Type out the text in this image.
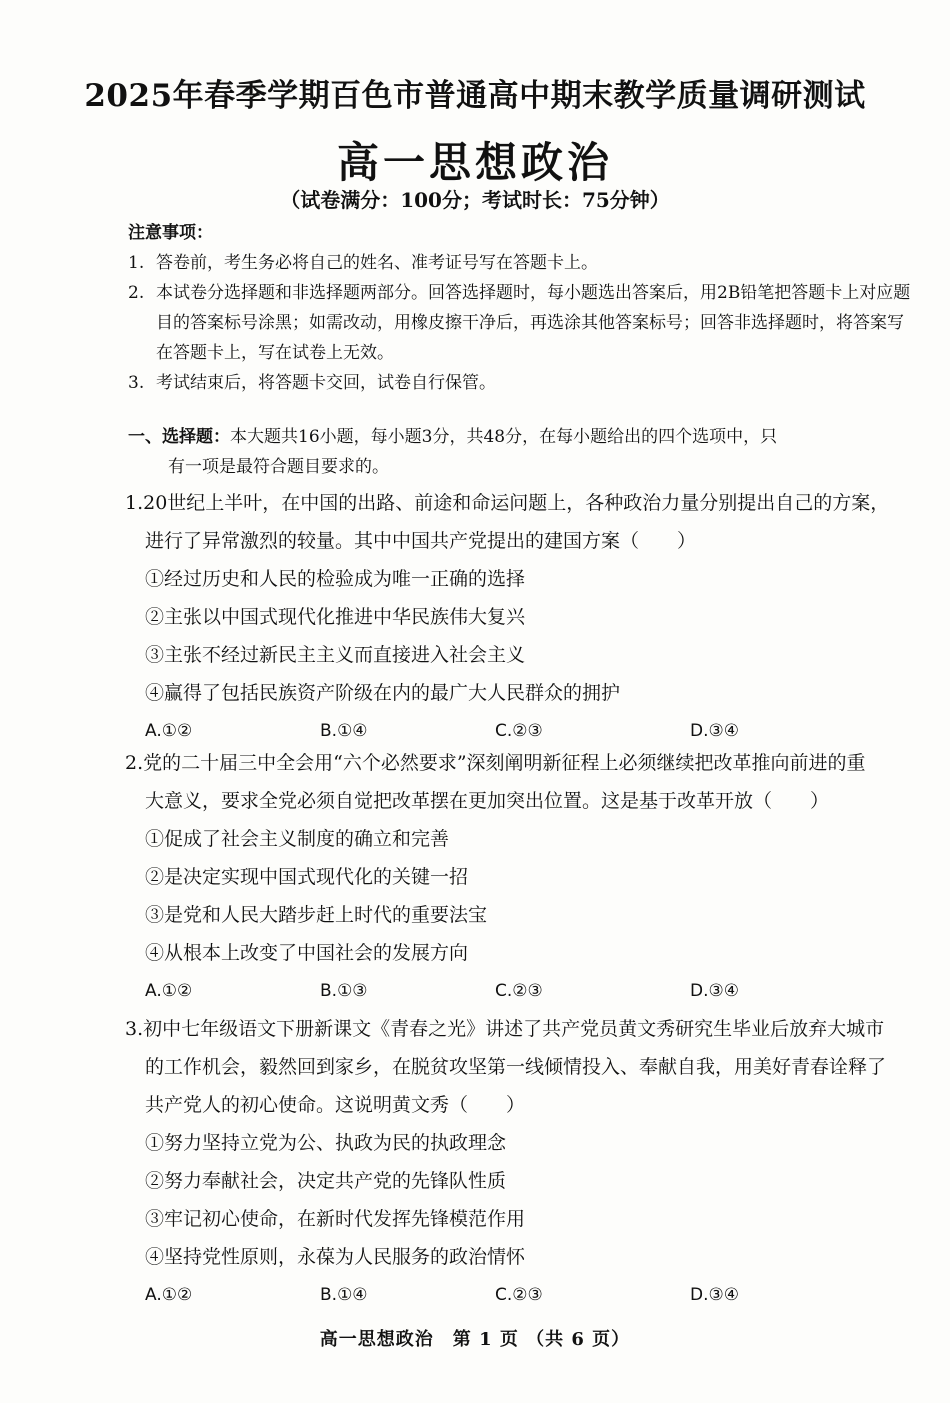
2025年春季学期百色市普通高中期末教学质量调研测试
高一思想政治
（试卷满分：100分；考试时长：75分钟）
注意事项：
1. 答卷前，考生务必将自己的姓名、准考证号写在答题卡上。
2. 本试卷分选择题和非选择题两部分。回答选择题时，每小题选出答案后，用2B铅笔把答题卡上对应题目的答案标号涂黑；如需改动，用橡皮擦干净后，再选涂其他答案标号；回答非选择题时，将答案写在答题卡上，写在试卷上无效。
3. 考试结束后，将答题卡交回，试卷自行保管。
一、选择题：本大题共16小题，每小题3分，共48分，在每小题给出的四个选项中，只
有一项是最符合题目要求的。
1.20世纪上半叶，在中国的出路、前途和命运问题上，各种政治力量分别提出自己的方案，
进行了异常激烈的较量。其中中国共产党提出的建国方案（　　）
①经过历史和人民的检验成为唯一正确的选择
②主张以中国式现代化推进中华民族伟大复兴
③主张不经过新民主主义而直接进入社会主义
④赢得了包括民族资产阶级在内的最广大人民群众的拥护
A.①②	B.①④	C.②③	D.③④
2.党的二十届三中全会用“六个必然要求”深刻阐明新征程上必须继续把改革推向前进的重
大意义，要求全党必须自觉把改革摆在更加突出位置。这是基于改革开放（　　）
①促成了社会主义制度的确立和完善
②是决定实现中国式现代化的关键一招
③是党和人民大踏步赶上时代的重要法宝
④从根本上改变了中国社会的发展方向
A.①②	B.①③	C.②③	D.③④
3.初中七年级语文下册新课文《青春之光》讲述了共产党员黄文秀研究生毕业后放弃大城市
的工作机会，毅然回到家乡，在脱贫攻坚第一线倾情投入、奉献自我，用美好青春诠释了
共产党人的初心使命。这说明黄文秀（　　）
①努力坚持立党为公、执政为民的执政理念
②努力奉献社会，决定共产党的先锋队性质
③牢记初心使命，在新时代发挥先锋模范作用
④坚持党性原则，永葆为人民服务的政治情怀
A.①②	B.①④	C.②③	D.③④
高一思想政治　第 1 页 （共 6 页）
